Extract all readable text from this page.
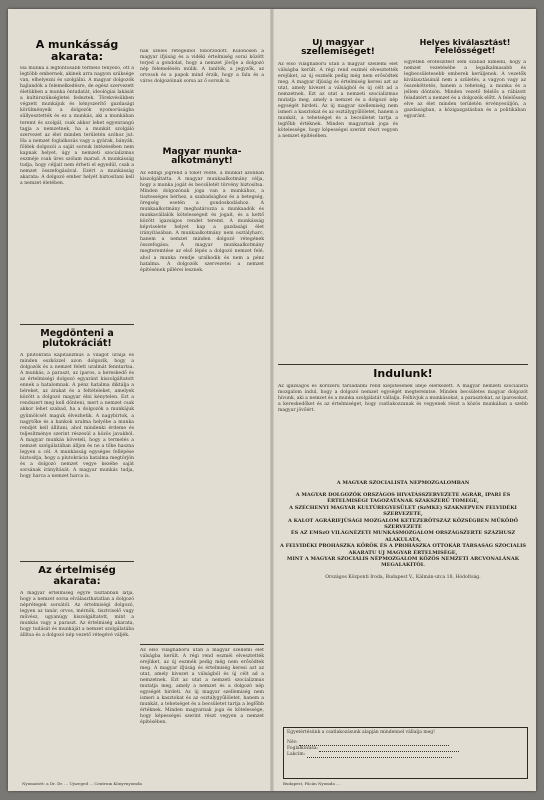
A munkásság akarata:

Ha munka a legfontosabb termelő tényező, ott a legtöbb embernek, akinek arra nagyon szüksége van, elhelyezni és szolgálni. A magyar dolgozók hajlandók a felemelkedésre, de egész szervezett életükben a munka öntudatát, ideológiai lakását a kultúrszükségletei fedeztek. Törekvésükben végzett munkájuk és kényszerítő gazdasági körülményeik a dolgozók nyomorúságba süllyesztették és ez a munkás, aki a munkában teremt és szolgál, csak akkor lehet egyenrangú tagja a nemzetnek, ha a munkát szolgáló szervezet az élet minden területén szóhoz jut. Ha a nemzet foglalkozás vagy a gyárak, bányák, földek dolgozói a saját sorsuk intézésében nem kapnak helyet, úgy a nemzeti szocializmus eszméje csak üres szólam marad. A munkásság tudja, hogy céljait nem érheti el egyedül, csak a nemzet összefogásával. Ezért a munkásság akarata: A dolgozó ember helyét biztosítani kell a nemzet életében.

Megdönteni a plutokráciát!

A plutokrata kapitalizmus a világot uralja és minden eszközzel azon dolgozik, hogy a dolgozók és a nemzet felett uralmát fenntartsa. A munkás, a paraszt, az iparos, a kereskedő és az értelmiségi dolgozó egyaránt kiszolgáltatott ennek a hatalomnak. A pénz hatalma diktálja a béreket, az árakat és a feltételeket, amelyek között a dolgozó magyar élni kénytelen. Ezt a rendszert meg kell dönteni, mert a nemzet csak akkor lehet szabad, ha a dolgozók a munkájuk gyümölcsét maguk élvezhetik. A nagybirtok, a nagytőke és a bankok uralma helyébe a munka rendjét kell állítani, ahol mindenki érdeme és teljesítménye szerint részesül a közös javakból. A magyar munkás követeli, hogy a termelés a nemzet szolgálatában álljon és ne a tőke haszna legyen a cél. A munkásság egységes fellépése biztosítja, hogy a plutokrácia hatalma megtörjön és a dolgozó nemzet vegye kezébe saját sorsának irányítását. A magyar munkás tudja, hogy harca a nemzet harca is.

Az értelmiség akarata:

A magyar értelmiség egyre tisztábban látja, hogy a nemzet sorsa elválaszthatatlan a dolgozó néprétegek sorsától. Az értelmiségi dolgozó, legyen az tanár, orvos, mérnök, tisztviselő vagy művész, ugyanúgy kiszolgáltatott, mint a munkás vagy a paraszt. Az értelmiség akarata, hogy tudását és munkáját a nemzet szolgálatába állítsa és a dolgozó nép vezető rétegévé váljék.

nak széles rétegeiből toborzódott. Különösen a magyar ifjúság és a vidéki értelmiség sorai között terjed a gondolat, hogy a nemzet jövője a dolgozó nép felemelésén múlik. A tanítók, a jegyzők, az orvosok és a papok mind érzik, hogy a falu és a város dolgozóinak sorsa az ő sorsuk is.

Magyar munka-alkotmányt!

Az eddigi jogrend a tőkét védte, a munkát azonban kiszolgáltatta. A magyar munkaalkotmány célja, hogy a munka jogát és becsületét törvény biztosítsa. Minden dolgozónak joga van a munkához, a tisztességes bérhez, a szabadsághoz és a betegség, öregség esetén a gondoskodáshoz. A munkaalkotmány meghatározza a munkaadók és munkavállalók kötelességeit és jogait, és a kettő között igazságos rendet teremt. A munkásság képviselete helyet kap a gazdasági élet irányításában. A munkaalkotmány nem osztályharc, hanem a nemzet minden dolgozó rétegének összefogása. A magyar munkaalkotmány megteremtése az első lépés a dolgozó nemzet felé, ahol a munka rendje uralkodik és nem a pénz hatalma. A dolgozók szervezetei a nemzet építésének pillérei lesznek.

Az első világháború után a magyar szellemi élet válságba került. A régi rend eszméi elvesztették erejüket, az új eszmék pedig még nem erősödtek meg. A magyar ifjúság és értelmiség keresi azt az utat, amely kivezet a válságból és új célt ad a nemzetnek. Ezt az utat a nemzeti szocializmus mutatja meg, amely a nemzet és a dolgozó nép egységét hirdeti. Az új magyar szellemiség nem ismeri a kasztokat és az osztálygyűlöletet, hanem a munkát, a tehetséget és a becsületet tartja a legfőbb értéknek. Minden magyarnak joga és kötelessége, hogy képességei szerint részt vegyen a nemzet építésében.

Uj magyar szellemiséget!

Az első világháború után a magyar szellemi élet válságba került. A régi rend eszméi elvesztették erejüket, az új eszmék pedig még nem erősödtek meg. A magyar ifjúság és értelmiség keresi azt az utat, amely kivezet a válságból és új célt ad a nemzetnek. Ezt az utat a nemzeti szocializmus mutatja meg, amely a nemzet és a dolgozó nép egységét hirdeti. Az új magyar szellemiség nem ismeri a kasztokat és az osztálygyűlöletet, hanem a munkát, a tehetséget és a becsületet tartja a legfőbb értéknek. Minden magyarnak joga és kötelessége, hogy képességei szerint részt vegyen a nemzet építésében.

Helyes kiválasztást! Felelősséget!

Egyetlen erőfeszítést sem szabad kímélni, hogy a nemzet vezetésébe a legalkalmasabb és legbecsületesebb emberek kerüljenek. A vezetők kiválasztásánál nem a születés, a vagyon vagy az összeköttetés, hanem a tehetség, a munka és a jellem döntsön. Minden vezető felelős a rábízott feladatért a nemzet és a dolgozók előtt. A felelősség elve az élet minden területén érvényesüljön, a gazdaságban, a közigazgatásban és a politikában egyaránt.

Indulunk!

Az igazságos és korszerű társadalmi rend kiépítésének ideje elérkezett. A magyar nemzeti szocialista mozgalom indul, hogy a dolgozó nemzet egységét megteremtse. Minden becsületes magyar dolgozót hívunk, aki a nemzet és a munka szolgálatát vállalja. Felhívjuk a munkásokat, a parasztokat, az iparosokat, a kereskedőket és az értelmiséget, hogy csatlakozzanak és vegyenek részt a közös munkában a szebb magyar jövőért.

A MAGYAR SZOCIALISTA NEPMOZGALOMBAN
A MAGYAR DOLGOZÓK ORSZÁGOS HIVATÁSSZERVEZETE AGRÁR, IPARI ÉS ÉRTELMISÉGI TAGOZATANAK SZAKSZERŰ TOMEGE,
A SZÉCHENYI MAGYAR KULTÚREGYESÜLET (SzMKE) SZAKNEPVEN FELVIDÉKI SZERVEZETE,
A KALOT AGRÁRIFJÚSÁGI MOZGALOM KETEZERÖTSZÁZ KÖZSÉGBEN MŰKÖDŐ SZERVEZETE
ÉS AZ EMSzO VILÁGNÉZETI MUNKÁSMOZGALOM ORSZÁGSZERTE SZÁZHUSZ ALAKULATA,
A FELVIDÉKI PROHÁSZKA KÖRÖK ÉS A PROHÁSZKA OTTOKÁR TÁRSASÁG SZOCIALIS AKARATU UJ MAGYAR ÉRTELMISÉGE,
MINT A MAGYAR SZOCIÁLIS NÉPMOZGALOM KÖZÖS NEMZETI ARCVONALÁNAK MEGALAKÍTÓI.
Országos Központi Iroda, Budapest V., Kálmán-utca 18, Hódoltság.
Egyetértésünk a csatlakozásunk alapján mindennel vállalja meg!
Név:
Foglalkozása:
Lakcím:
Nyomatott: a Dr. Dr. ... Ujszeged ... Centrum Könyvnyomda	Budapest, Fácán Nyomda ...
